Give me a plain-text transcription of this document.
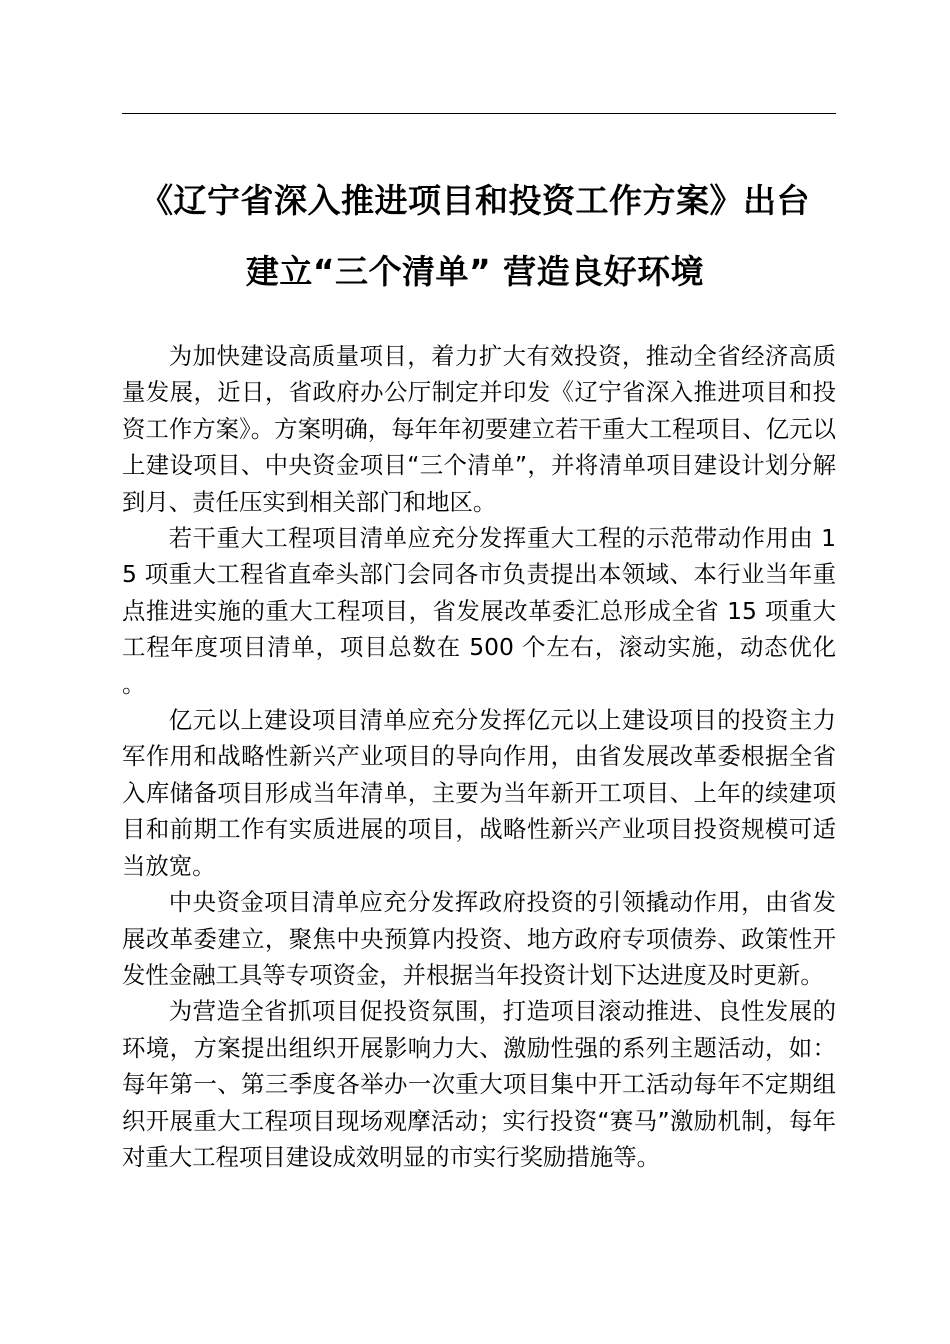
《辽宁省深入推进项目和投资工作方案》出台
建立“三个清单” 营造良好环境

为加快建设高质量项目，着力扩大有效投资，推动全省经济高质量发展，近日，省政府办公厅制定并印发《辽宁省深入推进项目和投资工作方案》。方案明确，每年年初要建立若干重大工程项目、亿元以上建设项目、中央资金项目“三个清单”，并将清单项目建设计划分解到月、责任压实到相关部门和地区。

若干重大工程项目清单应充分发挥重大工程的示范带动作用由 15 项重大工程省直牵头部门会同各市负责提出本领域、本行业当年重点推进实施的重大工程项目，省发展改革委汇总形成全省 15 项重大工程年度项目清单，项目总数在 500 个左右，滚动实施，动态优化。

亿元以上建设项目清单应充分发挥亿元以上建设项目的投资主力军作用和战略性新兴产业项目的导向作用，由省发展改革委根据全省入库储备项目形成当年清单，主要为当年新开工项目、上年的续建项目和前期工作有实质进展的项目，战略性新兴产业项目投资规模可适当放宽。

中央资金项目清单应充分发挥政府投资的引领撬动作用，由省发展改革委建立，聚焦中央预算内投资、地方政府专项债券、政策性开发性金融工具等专项资金，并根据当年投资计划下达进度及时更新。

为营造全省抓项目促投资氛围，打造项目滚动推进、良性发展的环境，方案提出组织开展影响力大、激励性强的系列主题活动，如：每年第一、第三季度各举办一次重大项目集中开工活动每年不定期组织开展重大工程项目现场观摩活动；实行投资“赛马”激励机制，每年对重大工程项目建设成效明显的市实行奖励措施等。
